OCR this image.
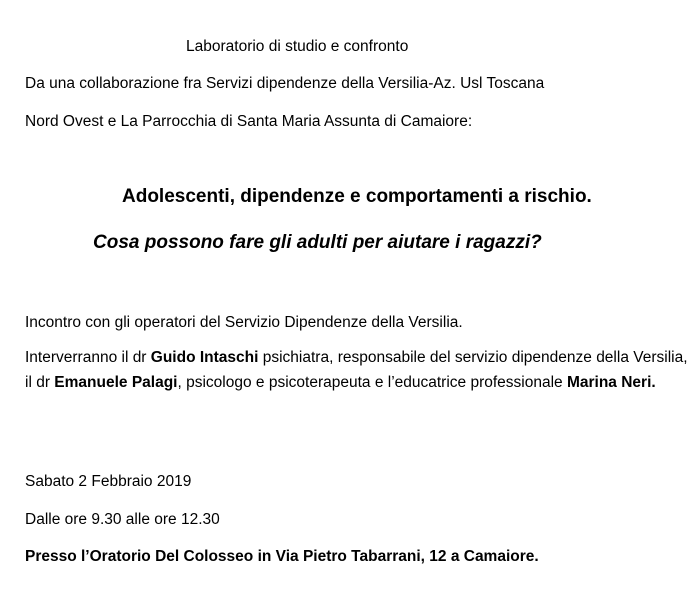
Laboratorio di studio e confronto
Da una collaborazione fra Servizi dipendenze della Versilia-Az. Usl Toscana
Nord Ovest e La Parrocchia di Santa Maria Assunta di Camaiore:
Adolescenti, dipendenze e comportamenti a rischio.
Cosa possono fare gli adulti per aiutare i ragazzi?
Incontro con gli operatori del Servizio Dipendenze della Versilia.
Interverranno il dr Guido Intaschi psichiatra, responsabile del servizio dipendenze della Versilia, il dr Emanuele Palagi, psicologo e psicoterapeuta e l’educatrice professionale Marina Neri.
Sabato 2 Febbraio 2019
Dalle ore 9.30 alle ore 12.30
Presso l’Oratorio Del Colosseo in Via Pietro Tabarrani, 12 a Camaiore.
